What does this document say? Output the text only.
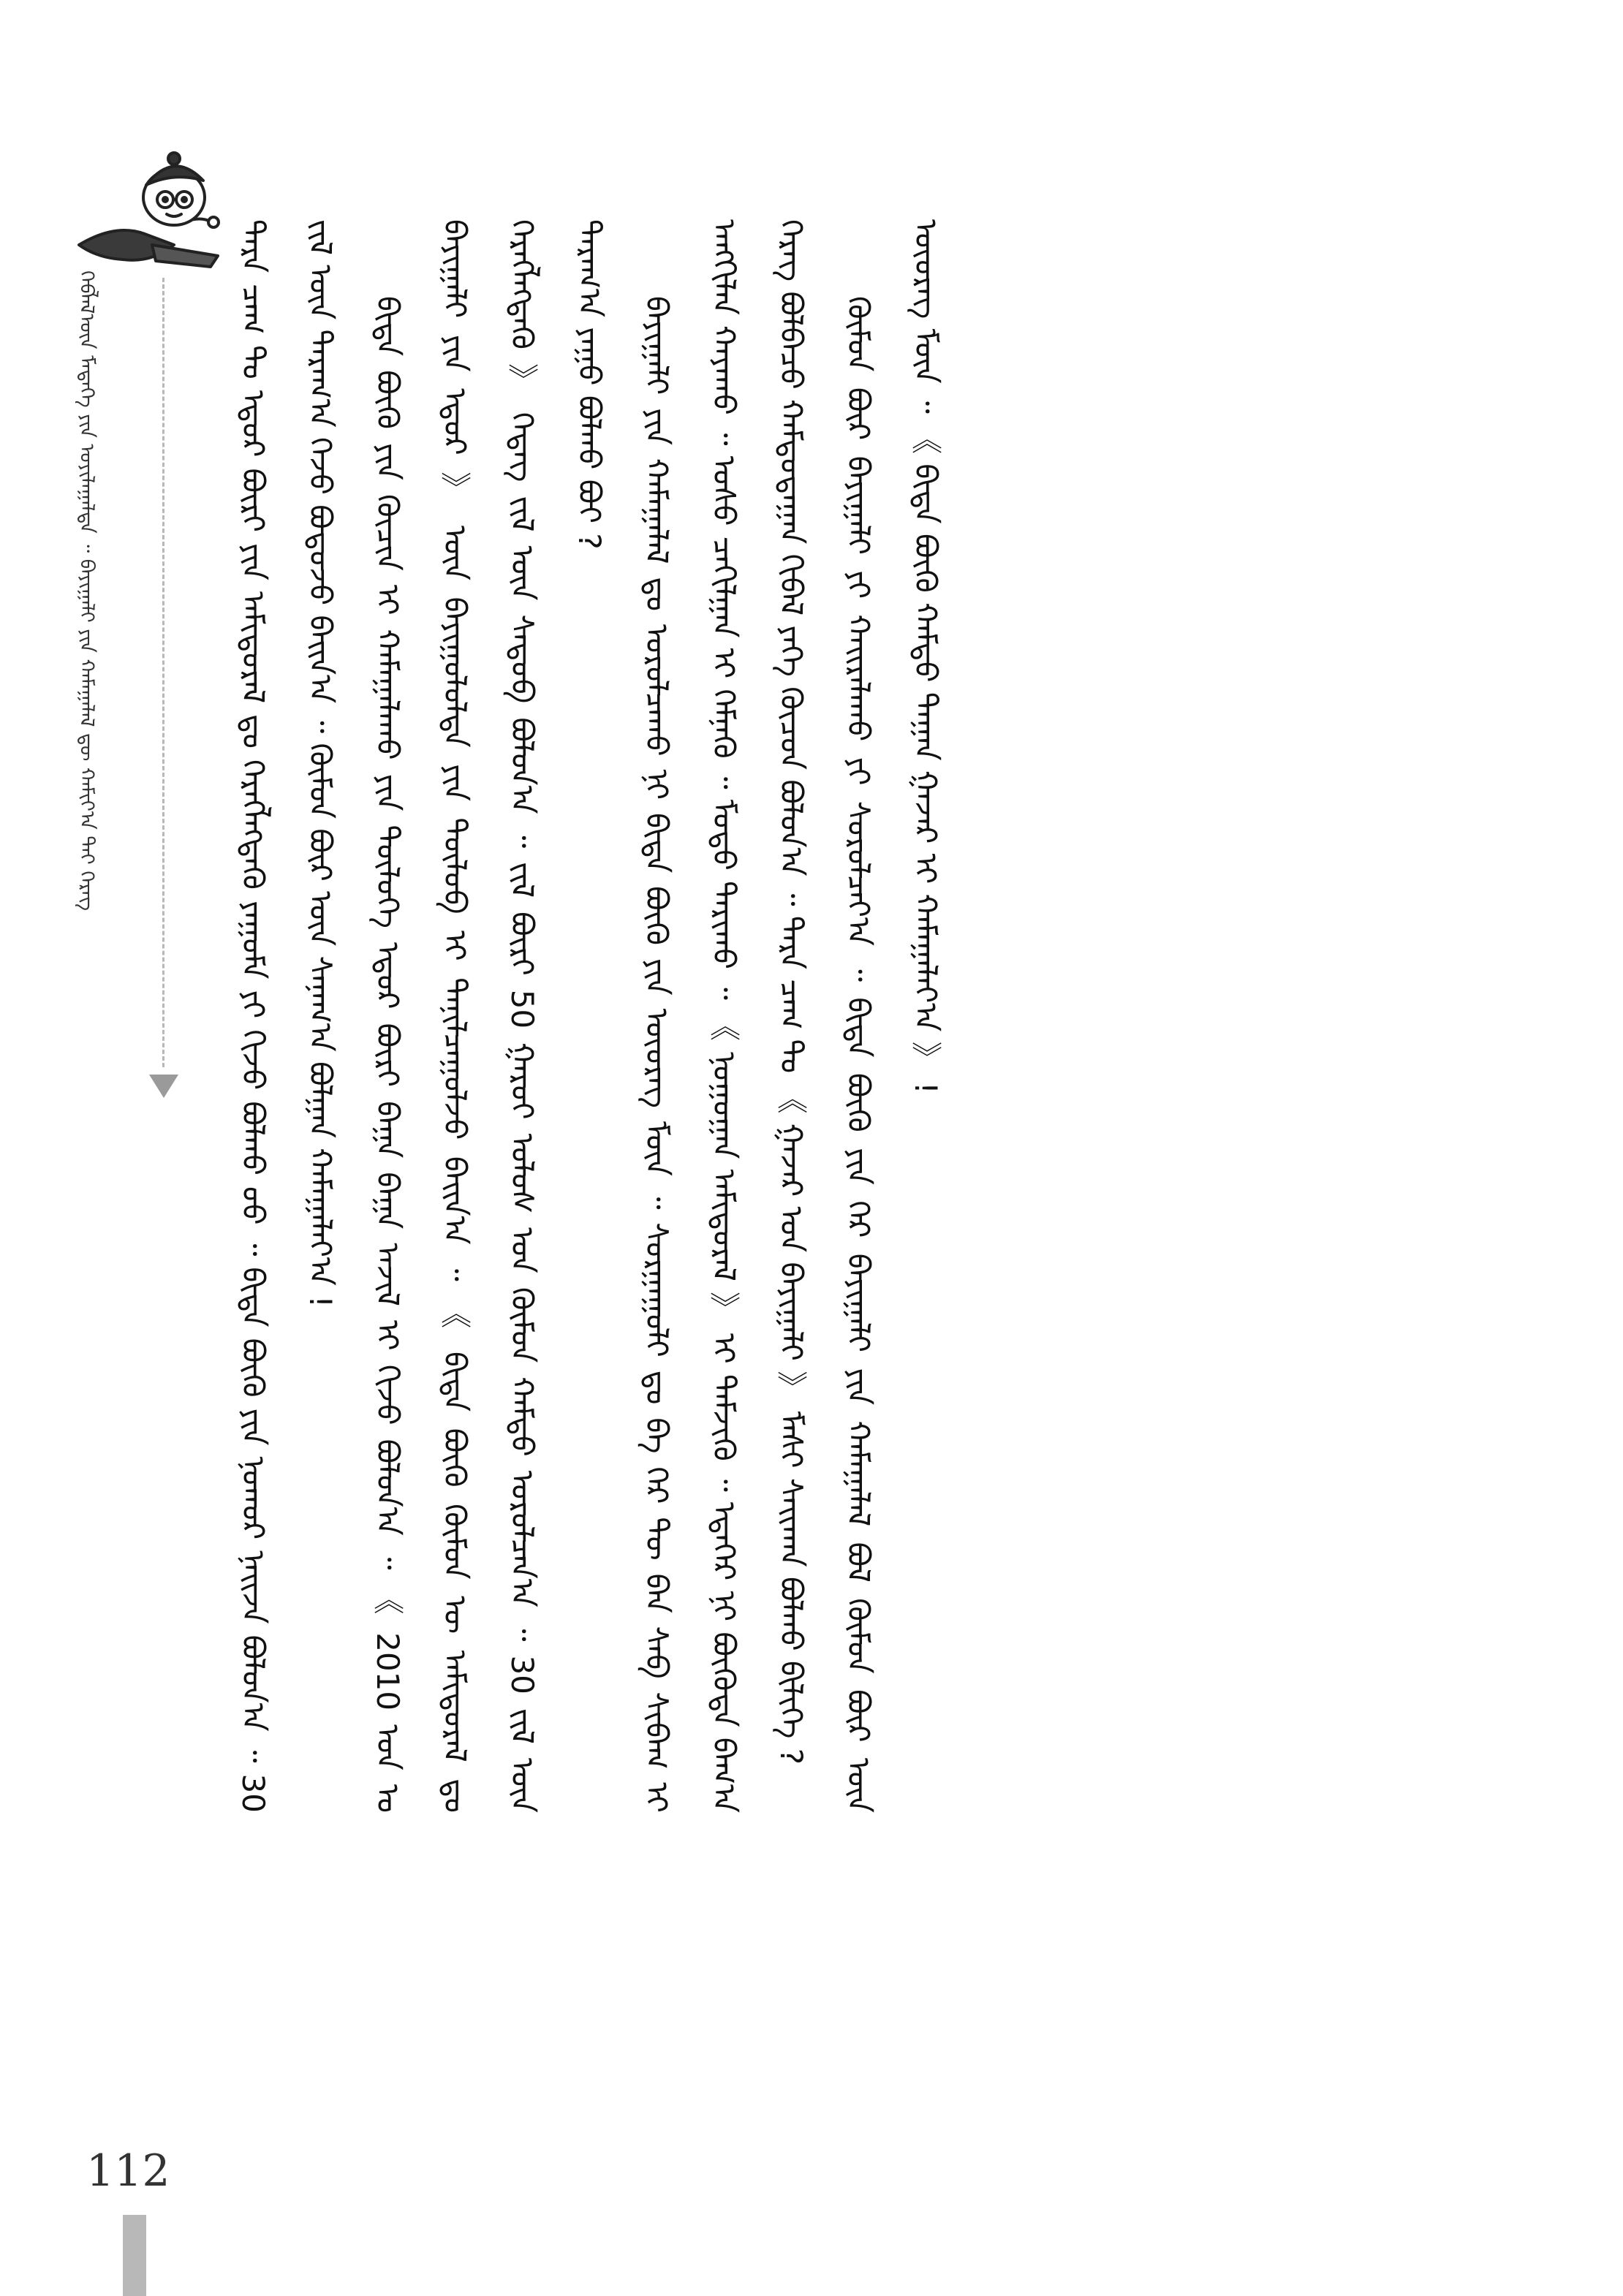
ᠬᠡᠪᠯᠡᠯ᠎ᠦᠨ ᠮᠡᠳᠡᠭᠡ ᠶᠢᠨ ᠣᠶᠢᠯᠠᠭᠠᠯᠲᠠ ᠃ ᠪᠠᠶᠢᠭᠠᠯᠢ ᠶᠢᠨ ᠬᠠᠮᠠᠭᠠᠯᠠᠯ ᠳᠦ ᠬᠠᠮᠢᠶ᠎ᠠ ᠲᠠᠢ ᠬᠡᠷᠡᠭ	ᠲᠡᠷᠡ ᠴᠠᠭ ᠲᠤ ᠡᠳᠦᠷ ᠪᠦᠷᠢ ᠶᠢᠨ ᠠᠮᠢᠳᠤᠷᠠᠯ ᠳᠤ ᠬᠡᠷᠡᠭᠯᠡᠭᠳᠡᠬᠦ ᠶᠠᠭᠤᠮᠠ ᠶᠢ ᠬᠢᠵᠦ ᠪᠣᠯᠬᠤ ᠦᠦ ᠃ ᠪᠢᠳᠡ ᠪᠦᠬᠦ ᠶᠢᠨ ᠨᠣᠬᠤᠷ ᠨᠠᠢᠵᠠ ᠪᠣᠯᠤᠨ᠎ᠠ ᠃ 30 ᠵᠢᠯ ᠦᠨ ᠳᠠᠷᠠᠭ᠎ᠠ ᠭᠡᠵᠦ ᠪᠣᠳᠤᠵᠤ ᠪᠠᠢᠨ᠎ᠠ ᠃ ᠬᠦᠮᠦᠨ ᠪᠦᠷ ᠦᠨ ᠰᠠᠨᠠᠭ᠎ᠠ ᠪᠣᠯᠭᠠᠨ ᠬᠠᠮᠠᠭᠠᠯᠠᠶ᠎ᠠ !	ᠪᠢᠳᠡ ᠪᠦᠬᠦ ᠶᠢᠨ ᠬᠦᠴᠢᠨ ᠢ ᠬᠠᠮᠠᠭᠠᠯᠠᠬᠤ ᠶᠢᠨ ᠲᠥᠯᠦᠭᠡ ᠡᠳᠦᠷ ᠪᠦᠷᠢ ᠪᠠᠭᠠ ᠪᠠᠭᠠ ᠠᠵᠢᠯ ᠢ ᠬᠢᠵᠦ ᠪᠣᠯᠣᠨ᠎ᠠ ᠃ 《 2010 ᠣᠨ ᠤ ᠪᠠᠶᠢᠭᠠᠯᠢ ᠶᠢᠨ ᠡᠳᠦᠷ 》 ᠦᠨ ᠪᠠᠶᠢᠭᠤᠯᠤᠯᠲᠠ ᠶᠢᠨ ᠲᠥᠯᠦᠪ ᠢ ᠲᠠᠨᠢᠯᠴᠠᠭᠤᠯᠵᠤ ᠪᠠᠢᠨ᠎ᠠ ᠃ 《 ᠪᠢᠳᠡ ᠪᠦᠬᠦ ᠬᠦᠮᠦᠨ ᠦ ᠠᠮᠢᠳᠤᠷᠠᠯ ᠳᠤ ᠬᠡᠷᠡᠭᠯᠡᠭᠳᠡᠬᠦ 》 ᠭᠡᠳᠡᠭ ᠵᠢᠯ ᠦᠨ ᠰᠡᠳᠦᠪ ᠪᠣᠯᠤᠨ᠎ᠠ ᠃ ᠵᠢᠯ ᠪᠦᠷᠢ 50 ᠭᠠᠷᠤᠢ ᠤᠯᠤᠰ ᠤᠨ ᠬᠦᠮᠦᠨ ᠬᠠᠮᠳᠤ ᠣᠷᠣᠯᠴᠠᠨ᠎ᠠ ᠃ 30 ᠵᠢᠯ ᠦᠨ ᠳᠠᠷᠠᠭ᠎ᠠ ᠶᠠᠭᠤ ᠪᠣᠯᠬᠤ ᠪᠣᠢ ?	ᠪᠠᠶᠢᠭᠠᠯᠢ ᠶᠢᠨ ᠬᠠᠮᠠᠭᠠᠯᠠᠯ ᠳᠤ ᠣᠷᠣᠯᠴᠠᠬᠤ ᠨᠢ ᠪᠢᠳᠡ ᠪᠦᠬᠦ ᠶᠢᠨ ᠦᠦᠷᠡᠭ ᠮᠦᠨ ᠃ ᠰᠤᠷᠭᠠᠭᠤᠯᠢ ᠳᠤ ᠪᠠ ᠭᠡᠷ ᠲᠦ ᠪᠠᠨ ᠰᠠᠪ ᠰᠢᠪᠠᠭ ᠢ ᠠᠩᠭᠢᠯᠠᠨ ᠬᠠᠶᠠᠬᠤ ᠃ ᠤᠰᠤ ᠴᠠᠬᠢᠯᠭᠠᠨ ᠢ ᠬᠡᠮᠨᠡᠬᠦ ᠃ ᠮᠣᠳᠣ ᠲᠠᠷᠢᠬᠤ ᠃ 《 ᠨᠣᠭᠣᠭᠠᠨ ᠠᠮᠢᠳᠤᠷᠠᠯ 》 ᠢ ᠳᠡᠮᠵᠢᠬᠦ ᠃ ᠡᠳᠡᠭᠡᠷ ᠨᠢ ᠪᠦᠭᠦᠳᠡ ᠪᠠᠭ᠎ᠠ ᠬᠡᠷᠡᠭ ᠪᠣᠯᠪᠠᠴᠤ ᠬᠠᠮᠲᠤᠳᠠᠭᠠᠨ ᠬᠢᠪᠡᠯ ᠶᠡᠬᠡ ᠬᠦᠴᠦᠨ ᠪᠣᠯᠣᠨ᠎ᠠ ᠃ ᠲᠡᠷᠡ ᠴᠠᠭ ᠲᠤ 《 ᠭᠠᠵᠠᠷ ᠤᠨ ᠪᠠᠶᠢᠭᠠᠯᠢ 》 ᠮᠠᠰᠢ ᠰᠠᠢᠬᠠᠨ ᠪᠣᠯᠬᠤ ᠪᠢᠯᠢᠭᠡ ?	ᠬᠦᠮᠦᠨ ᠪᠦᠷ ᠪᠠᠶᠢᠭᠠᠯᠢ ᠶᠢ ᠬᠠᠢᠷᠠᠯᠠᠬᠤ ᠶᠢ ᠰᠤᠷᠤᠯᠴᠠᠶ᠎ᠠ ᠃ ᠪᠢᠳᠡ ᠪᠦᠬᠦ ᠶᠢᠨ ᠭᠡᠷ ᠪᠠᠶᠢᠭᠠᠯᠢ ᠶᠢᠨ ᠬᠠᠮᠠᠭᠠᠯᠠᠯ ᠪᠣᠯ ᠬᠦᠮᠦᠨ ᠪᠦᠷ ᠦᠨ ᠦᠦᠷᠡᠭ ᠮᠦᠨ ᠃ 《 ᠪᠢᠳᠡ ᠪᠦᠬᠦ ᠬᠠᠮᠲᠤ ᠳᠠᠭᠠᠨ ᠭᠠᠵᠠᠷ ᠢ ᠬᠠᠮᠠᠭᠠᠯᠠᠶ᠎ᠠ 》 !

112
